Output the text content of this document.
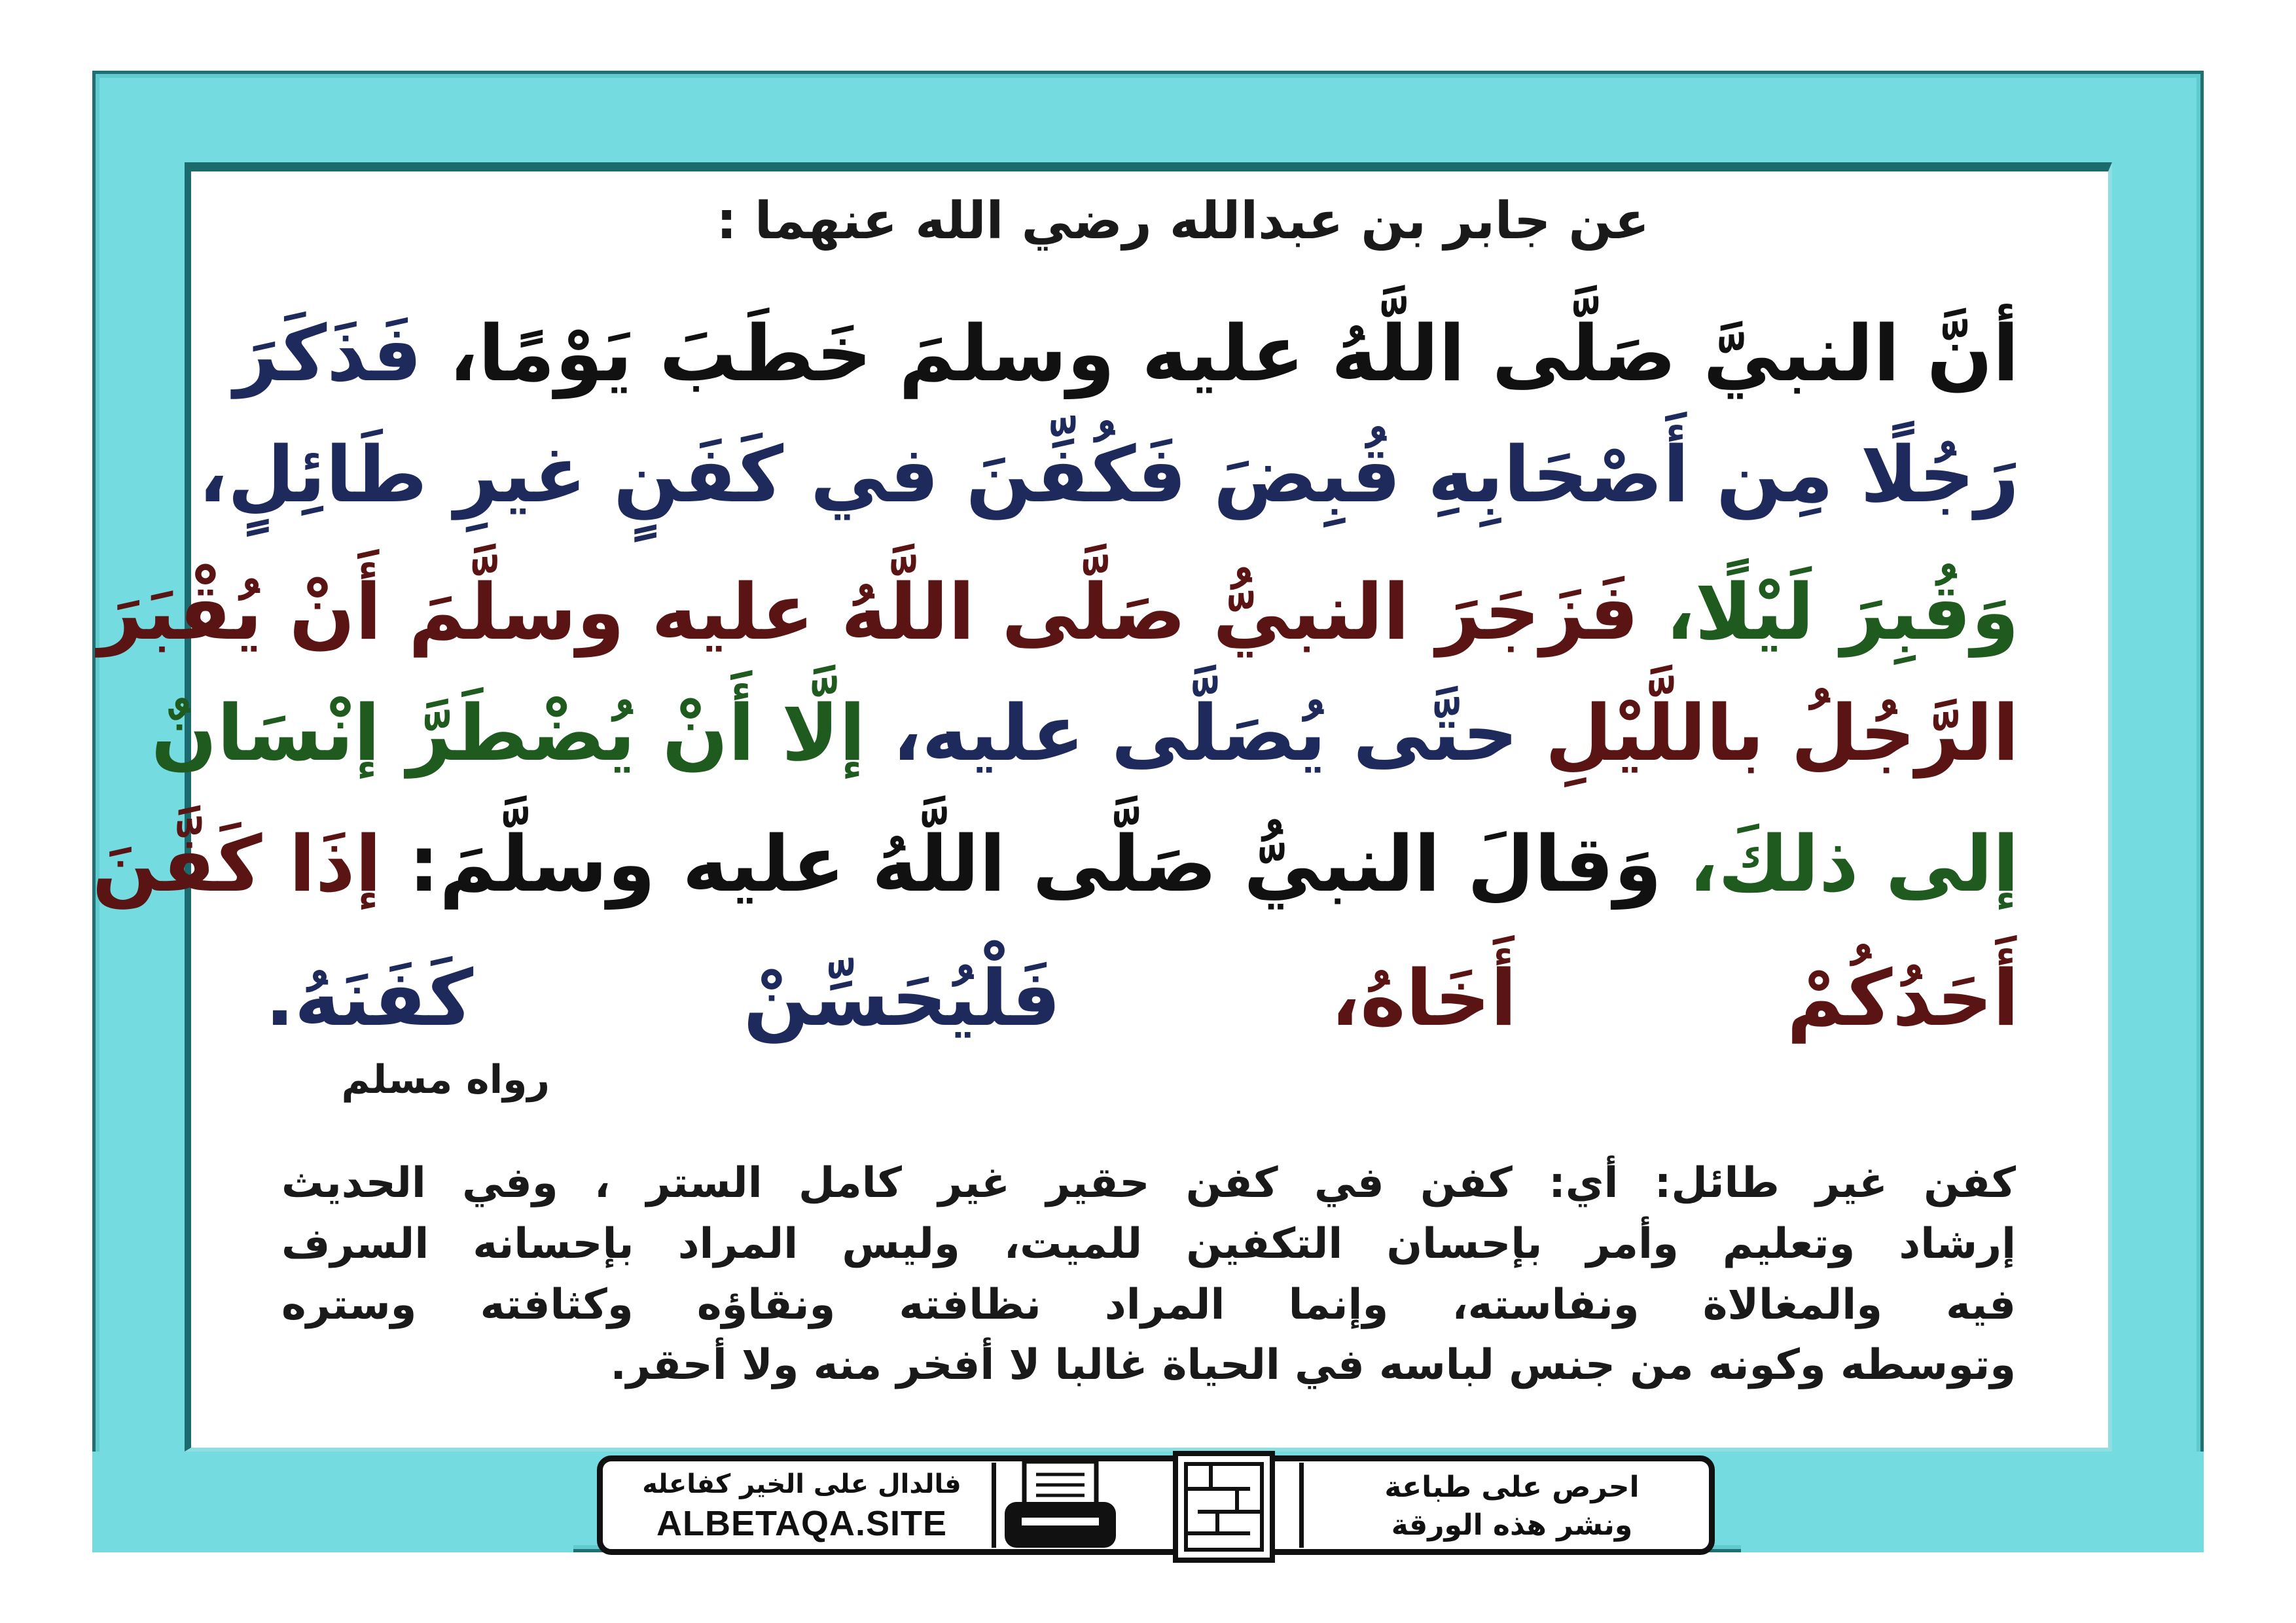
عن جابر بن عبدالله رضي الله عنهما :
أنَّ النبيَّ صَلَّى اللَّهُ عليه وسلمَ خَطَبَ يَوْمًا، فَذَكَرَ
رَجُلًا مِن أَصْحَابِهِ قُبِضَ فَكُفِّنَ في كَفَنٍ غيرِ طَائِلٍ،
وَقُبِرَ لَيْلًا، فَزَجَرَ النبيُّ صَلَّى اللَّهُ عليه وسلَّمَ أَنْ يُقْبَرَ
الرَّجُلُ باللَّيْلِ حتَّى يُصَلَّى عليه، إلَّا أَنْ يُضْطَرَّ إنْسَانٌ
إلى ذلكَ، وَقالَ النبيُّ صَلَّى اللَّهُ عليه وسلَّمَ: إذَا كَفَّنَ
أَحَدُكُمْ أَخَاهُ، فَلْيُحَسِّنْ كَفَنَهُ.
رواه مسلم
كفن غير طائل: أي: كفن في كفن حقير غير كامل الستر ، وفي الحديث
إرشاد وتعليم وأمر بإحسان التكفين للميت، وليس المراد بإحسانه السرف
فيه والمغالاة ونفاسته، وإنما المراد نظافته ونقاؤه وكثافته وستره
وتوسطه وكونه من جنس لباسه في الحياة غالبا لا أفخر منه ولا أحقر.
فالدال على الخير كفاعله
ALBETAQA.SITE
احرص على طباعة
ونشر هذه الورقة
